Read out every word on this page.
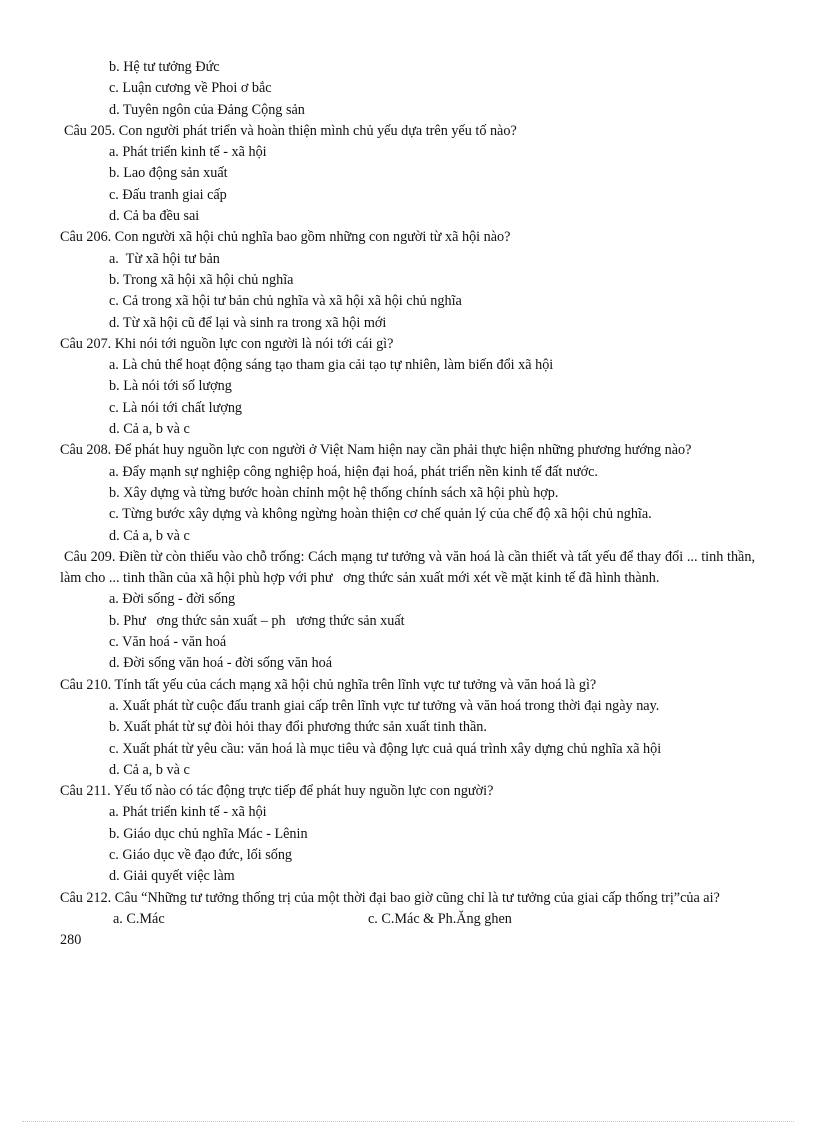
b. Hệ tư tưởng Đức

c. Luận cương về Phoi ơ bắc

d. Tuyên ngôn của Đảng Cộng sản

Câu 205. Con người phát triển và hoàn thiện mình chủ yếu dựa trên yếu tố nào?

a. Phát triển kinh tế - xã hội

b. Lao động sản xuất

c. Đấu tranh giai cấp

d. Cả ba đều sai

Câu 206. Con người xã hội chủ nghĩa bao gồm những con người từ xã hội nào?

a.  Từ xã hội tư bản

b. Trong xã hội xã hội chủ nghĩa

c. Cả trong xã hội tư bản chủ nghĩa và xã hội xã hội chủ nghĩa

d. Từ xã hội cũ để lại và sinh ra trong xã hội mới

Câu 207. Khi nói tới nguồn lực con người là nói tới cái gì?

a. Là chủ thể hoạt động sáng tạo tham gia cải tạo tự nhiên, làm biến đổi xã hội

b. Là nói tới số lượng

c. Là nói tới chất lượng

d. Cả a, b và c

Câu 208. Để phát huy nguồn lực con người ở Việt Nam hiện nay cần phải thực hiện những phương hướng nào?

a. Đẩy mạnh sự nghiệp công nghiệp hoá, hiện đại hoá, phát triển nền kinh tế đất nước.

b. Xây dựng và từng bước hoàn chỉnh một hệ thống chính sách xã hội phù hợp.

c. Từng bước xây dựng và không ngừng hoàn thiện cơ chế quản lý của chế độ xã hội chủ nghĩa.

d. Cả a, b và c

Câu 209. Điền từ còn thiếu vào chỗ trống: Cách mạng tư tưởng và văn hoá là cần thiết và tất yếu để thay đổi ... tinh thần, làm cho ... tinh thần của xã hội phù hợp với phư   ơng thức sản xuất mới xét về mặt kinh tế đã hình thành.

a. Đời sống - đời sống

b. Phư   ơng thức sản xuất – ph   ương thức sản xuất

c. Văn hoá - văn hoá

d. Đời sống văn hoá - đời sống văn hoá

Câu 210. Tính tất yếu của cách mạng xã hội chủ nghĩa trên lĩnh vực tư tưởng và văn hoá là gì?

a. Xuất phát từ cuộc đấu tranh giai cấp trên lĩnh vực tư tưởng và văn hoá trong thời đại ngày nay.

b. Xuất phát từ sự đòi hỏi thay đổi phương thức sản xuất tinh thần.

c. Xuất phát từ yêu cầu: văn hoá là mục tiêu và động lực cuả quá trình xây dựng chủ nghĩa xã hội

d. Cả a, b và c

Câu 211. Yếu tố nào có tác động trực tiếp để phát huy nguồn lực con người?

a. Phát triển kinh tế - xã hội

b. Giáo dục chủ nghĩa Mác - Lênin

c. Giáo dục về đạo đức, lối sống

d. Giải quyết việc làm

Câu 212. Câu “Những tư tưởng thống trị của một thời đại bao giờ cũng chỉ là tư tưởng của giai cấp thống trị”của ai?

a. C.Mác	c. C.Mác & Ph.Ăng ghen

280
